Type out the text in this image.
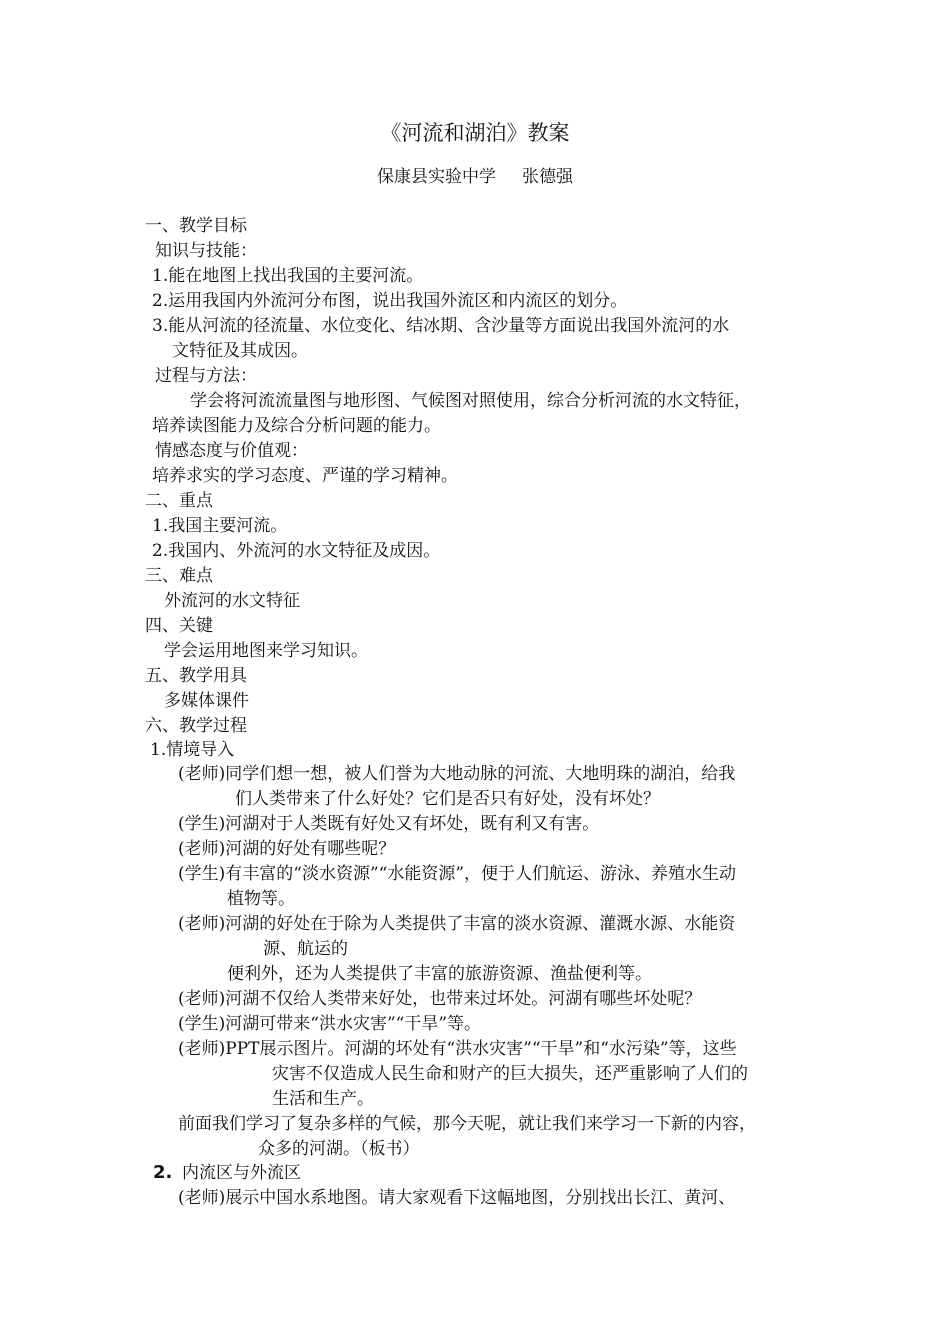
《河流和湖泊》教案
保康县实验中学 张德强
一、教学目标
知识与技能：
1.能在地图上找出我国的主要河流。
2.运用我国内外流河分布图，说出我国外流区和内流区的划分。
3.能从河流的径流量、水位变化、结冰期、含沙量等方面说出我国外流河的水
文特征及其成因。
过程与方法：
学会将河流流量图与地形图、气候图对照使用，综合分析河流的水文特征，
培养读图能力及综合分析问题的能力。
情感态度与价值观：
培养求实的学习态度、严谨的学习精神。
二、重点
1.我国主要河流。
2.我国内、外流河的水文特征及成因。
三、难点
外流河的水文特征
四、关键
学会运用地图来学习知识。
五、教学用具
多媒体课件
六、教学过程
1.情境导入
(老师)同学们想一想，被人们誉为大地动脉的河流、大地明珠的湖泊，给我
们人类带来了什么好处？它们是否只有好处，没有坏处？
(学生)河湖对于人类既有好处又有坏处，既有利又有害。
(老师)河湖的好处有哪些呢？
(学生)有丰富的“淡水资源”“水能资源”，便于人们航运、游泳、养殖水生动
植物等。
(老师)河湖的好处在于除为人类提供了丰富的淡水资源、灌溉水源、水能资
源、航运的
便利外，还为人类提供了丰富的旅游资源、渔盐便利等。
(老师)河湖不仅给人类带来好处，也带来过坏处。河湖有哪些坏处呢？
(学生)河湖可带来“洪水灾害”“干旱”等。
(老师)PPT展示图片。河湖的坏处有“洪水灾害”“干旱”和“水污染”等，这些
灾害不仅造成人民生命和财产的巨大损失，还严重影响了人们的
生活和生产。
前面我们学习了复杂多样的气候，那今天呢，就让我们来学习一下新的内容，
众多的河湖。（板书）
2. 内流区与外流区
(老师)展示中国水系地图。请大家观看下这幅地图，分别找出长江、黄河、
